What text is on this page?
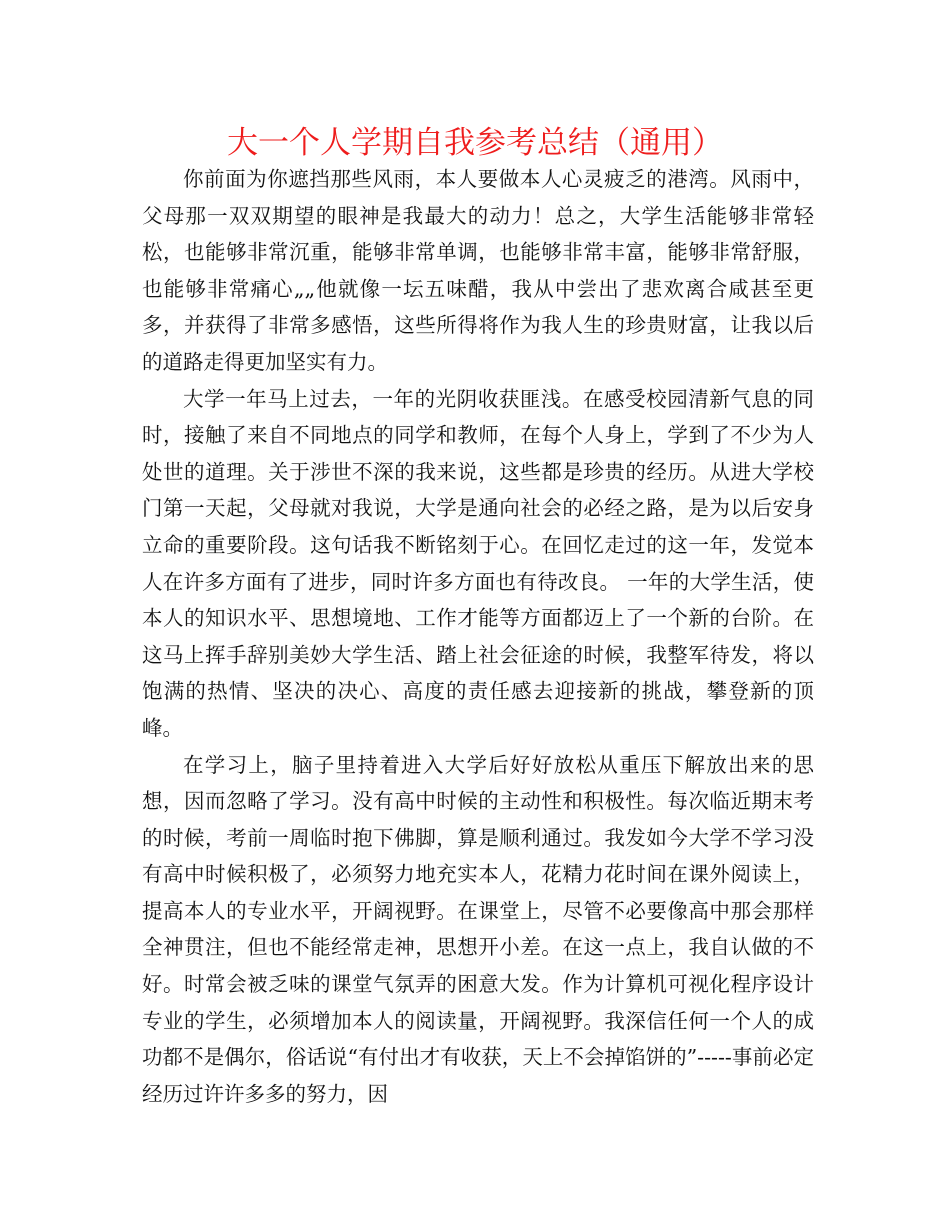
大一个人学期自我参考总结（通用）

你前面为你遮挡那些风雨，本人要做本人心灵疲乏的港湾。风雨中，父母那一双双期望的眼神是我最大的动力！总之，大学生活能够非常轻松，也能够非常沉重，能够非常单调，也能够非常丰富，能够非常舒服，也能够非常痛心„„他就像一坛五味醋，我从中尝出了悲欢离合咸甚至更多，并获得了非常多感悟，这些所得将作为我人生的珍贵财富，让我以后的道路走得更加坚实有力。

大学一年马上过去，一年的光阴收获匪浅。在感受校园清新气息的同时，接触了来自不同地点的同学和教师，在每个人身上，学到了不少为人处世的道理。关于涉世不深的我来说，这些都是珍贵的经历。从进大学校门第一天起，父母就对我说，大学是通向社会的必经之路，是为以后安身立命的重要阶段。这句话我不断铭刻于心。在回忆走过的这一年，发觉本人在许多方面有了进步，同时许多方面也有待改良。 一年的大学生活，使本人的知识水平、思想境地、工作才能等方面都迈上了一个新的台阶。在这马上挥手辞别美妙大学生活、踏上社会征途的时候，我整军待发，将以饱满的热情、坚决的决心、高度的责任感去迎接新的挑战，攀登新的顶峰。

在学习上，脑子里持着进入大学后好好放松从重压下解放出来的思想，因而忽略了学习。没有高中时候的主动性和积极性。每次临近期末考的时候，考前一周临时抱下佛脚，算是顺利通过。我发如今大学不学习没有高中时候积极了，必须努力地充实本人，花精力花时间在课外阅读上，提高本人的专业水平，开阔视野。在课堂上，尽管不必要像高中那会那样全神贯注，但也不能经常走神，思想开小差。在这一点上，我自认做的不好。时常会被乏味的课堂气氛弄的困意大发。作为计算机可视化程序设计专业的学生，必须增加本人的阅读量，开阔视野。我深信任何一个人的成功都不是偶尔，俗话说“有付出才有收获，天上不会掉馅饼的”-----事前必定经历过许许多多的努力，因
